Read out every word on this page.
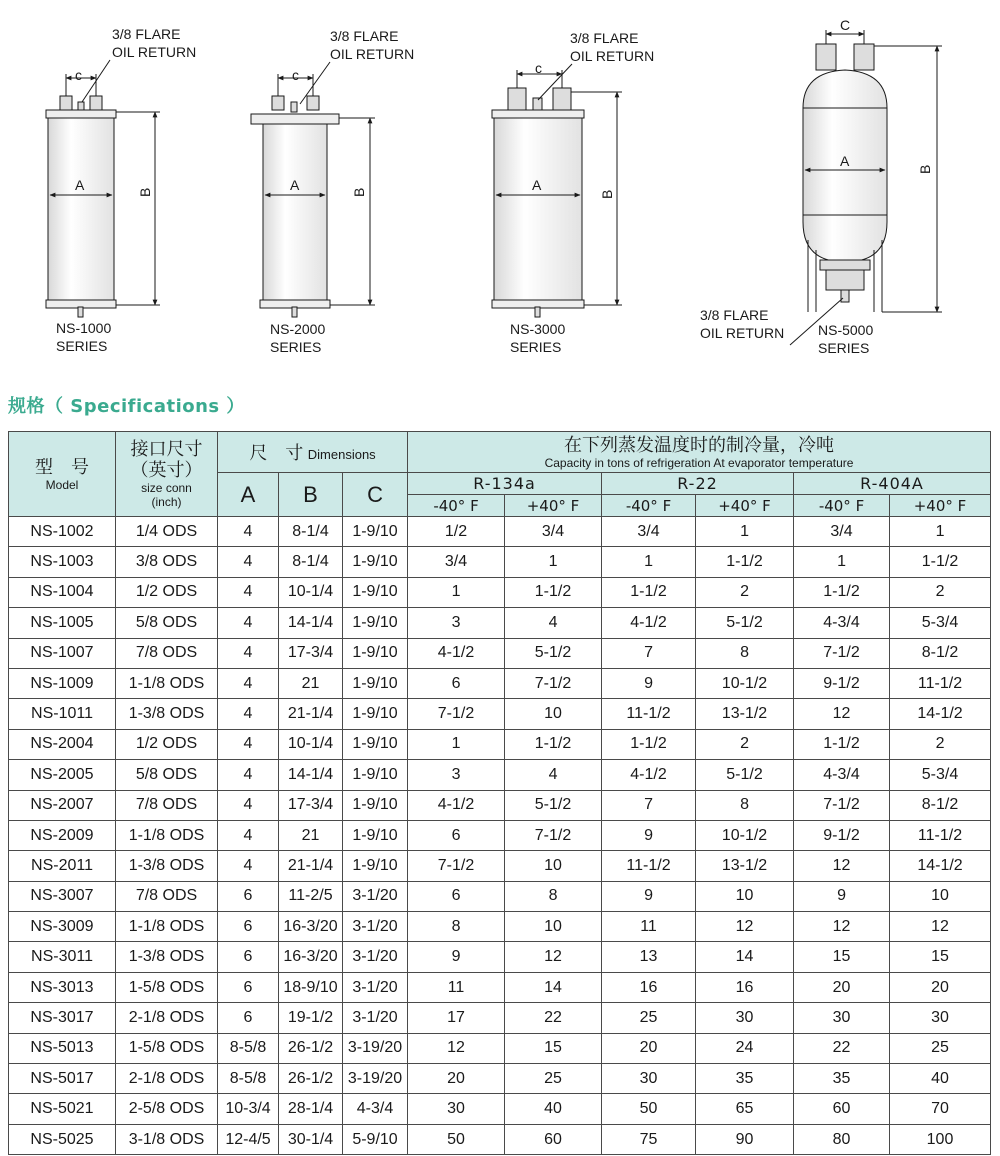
c
A	B
3/8 FLARE
OIL RETURN
NS-1000
SERIES
c
A	B
3/8 FLARE
OIL RETURN
NS-2000
SERIES
c
A
B
3/8 FLARE
OIL RETURN
NS-3000
SERIES
C
A
B
3/8 FLARE
OIL RETURN NS-5000
SERIES
规格（ Specifications ）
型　号
Model	接口尺寸
（英寸）
size conn
(inch)	尺　寸 Dimensions			在下列蒸发温度时的制冷量，冷吨
Capacity in tons of refrigeration At evaporator temperature					

		A	B	C	R-134a		R-22		R-404A	
					-40° F	+40° F	-40° F	+40° F	-40° F	+40° F
NS-1002	1/4 ODS	4	8-1/4	1-9/10	1/2	3/4	3/4	1	3/4	1
NS-1003	3/8 ODS	4	8-1/4	1-9/10	3/4	1	1	1-1/2	1	1-1/2
NS-1004	1/2 ODS	4	10-1/4	1-9/10	1	1-1/2	1-1/2	2	1-1/2	2
NS-1005	5/8 ODS	4	14-1/4	1-9/10	3	4	4-1/2	5-1/2	4-3/4	5-3/4
NS-1007	7/8 ODS	4	17-3/4	1-9/10	4-1/2	5-1/2	7	8	7-1/2	8-1/2
NS-1009	1-1/8 ODS	4	21	1-9/10	6	7-1/2	9	10-1/2	9-1/2	11-1/2
NS-1011	1-3/8 ODS	4	21-1/4	1-9/10	7-1/2	10	11-1/2	13-1/2	12	14-1/2
NS-2004	1/2 ODS	4	10-1/4	1-9/10	1	1-1/2	1-1/2	2	1-1/2	2
NS-2005	5/8 ODS	4	14-1/4	1-9/10	3	4	4-1/2	5-1/2	4-3/4	5-3/4
NS-2007	7/8 ODS	4	17-3/4	1-9/10	4-1/2	5-1/2	7	8	7-1/2	8-1/2
NS-2009	1-1/8 ODS	4	21	1-9/10	6	7-1/2	9	10-1/2	9-1/2	11-1/2
NS-2011	1-3/8 ODS	4	21-1/4	1-9/10	7-1/2	10	11-1/2	13-1/2	12	14-1/2
NS-3007	7/8 ODS	6	11-2/5	3-1/20	6	8	9	10	9	10
NS-3009	1-1/8 ODS	6	16-3/20	3-1/20	8	10	11	12	12	12
NS-3011	1-3/8 ODS	6	16-3/20	3-1/20	9	12	13	14	15	15
NS-3013	1-5/8 ODS	6	18-9/10	3-1/20	11	14	16	16	20	20
NS-3017	2-1/8 ODS	6	19-1/2	3-1/20	17	22	25	30	30	30
NS-5013	1-5/8 ODS	8-5/8	26-1/2	3-19/20	12	15	20	24	22	25
NS-5017	2-1/8 ODS	8-5/8	26-1/2	3-19/20	20	25	30	35	35	40
NS-5021	2-5/8 ODS	10-3/4	28-1/4	4-3/4	30	40	50	65	60	70
NS-5025	3-1/8 ODS	12-4/5	30-1/4	5-9/10	50	60	75	90	80	100
